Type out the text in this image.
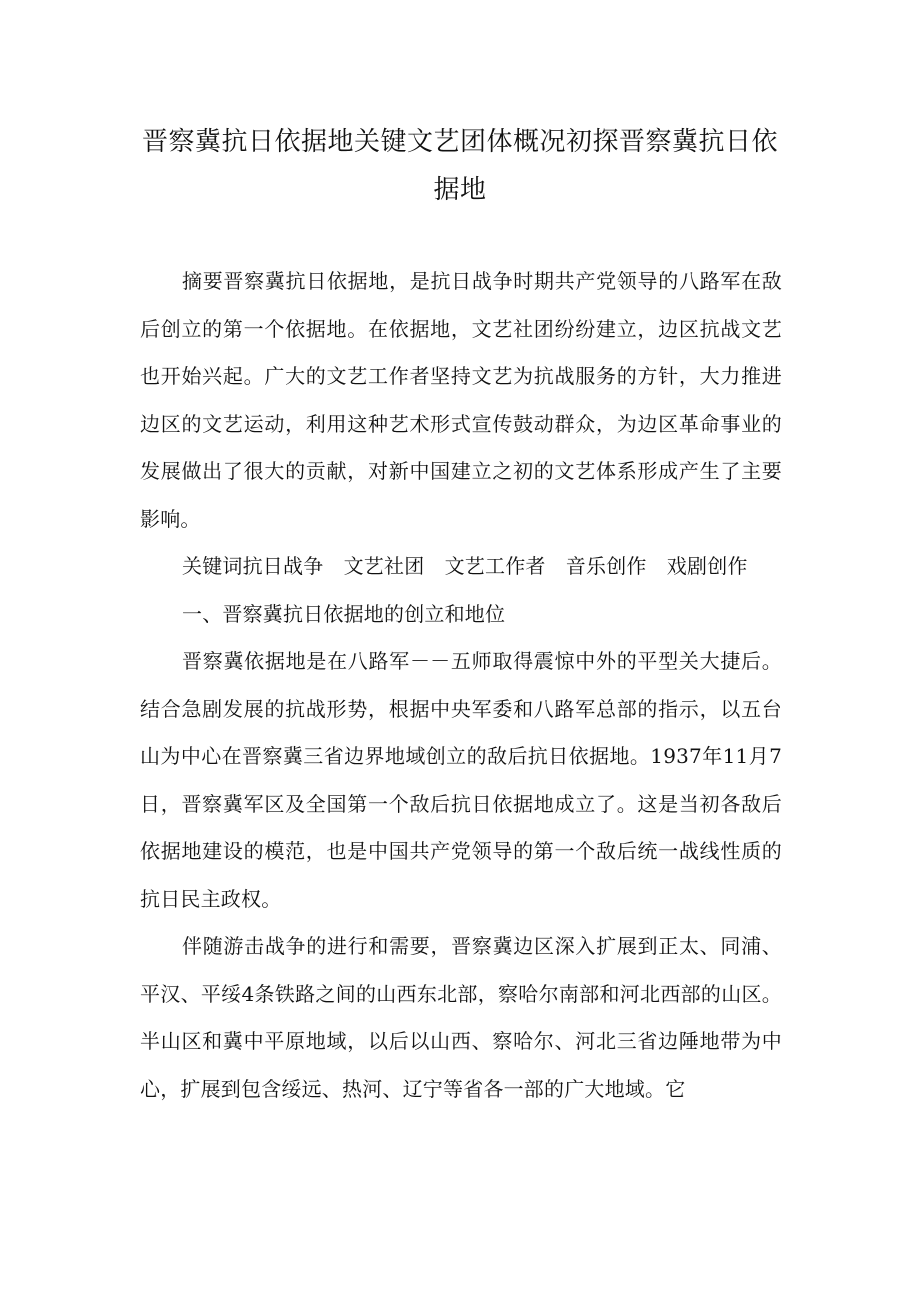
晋察冀抗日依据地关键文艺团体概况初探晋察冀抗日依据地

摘要晋察冀抗日依据地，是抗日战争时期共产党领导的八路军在敌后创立的第一个依据地。在依据地，文艺社团纷纷建立，边区抗战文艺也开始兴起。广大的文艺工作者坚持文艺为抗战服务的方针，大力推进边区的文艺运动，利用这种艺术形式宣传鼓动群众，为边区革命事业的发展做出了很大的贡献，对新中国建立之初的文艺体系形成产生了主要影响。

关键词抗日战争　文艺社团　文艺工作者　音乐创作　戏剧创作

一、晋察冀抗日依据地的创立和地位

晋察冀依据地是在八路军－－五师取得震惊中外的平型关大捷后。结合急剧发展的抗战形势，根据中央军委和八路军总部的指示，以五台山为中心在晋察冀三省边界地域创立的敌后抗日依据地。1937年11月7日，晋察冀军区及全国第一个敌后抗日依据地成立了。这是当初各敌后依据地建设的模范，也是中国共产党领导的第一个敌后统一战线性质的抗日民主政权。

伴随游击战争的进行和需要，晋察冀边区深入扩展到正太、同浦、平汉、平绥4条铁路之间的山西东北部，察哈尔南部和河北西部的山区。半山区和冀中平原地域，以后以山西、察哈尔、河北三省边陲地带为中心，扩展到包含绥远、热河、辽宁等省各一部的广大地域。它
